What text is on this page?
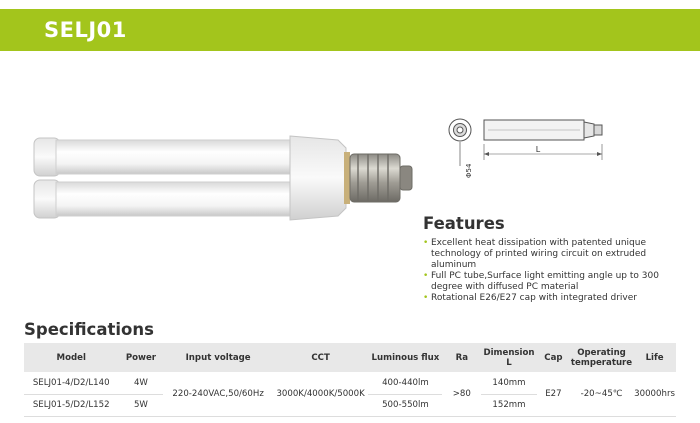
SELJ01
L
Φ54
Features
• Excellent heat dissipation with patented unique technology of printed wiring circuit on extruded aluminum
• Full PC tube,Surface light emitting angle up to 300 degree with diffused PC material
• Rotational E26/E27 cap with integrated driver
Specifications
Model	Power	Input voltage	CCT	Luminous flux	Ra	Dimension L	Cap	Operating temperature	Life
SELJ01-4/D2/L140	4W	220-240VAC,50/60Hz	3000K/4000K/5000K	400-440lm	>80	140mm	E27	-20~45℃	30000hrs
SELJ01-5/D2/L152	5W			500-550lm		152mm			
